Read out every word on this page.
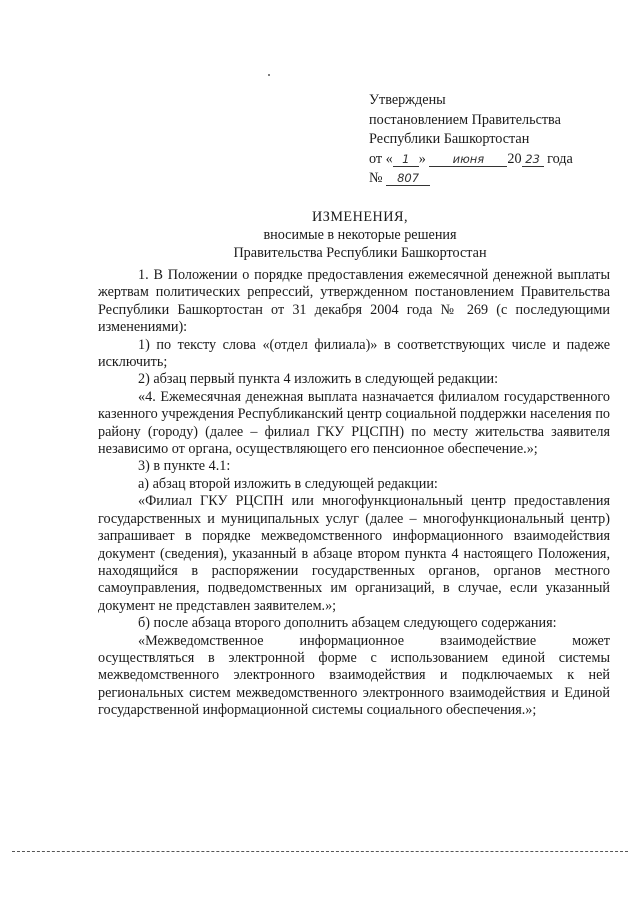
Утверждены
постановлением Правительства
Республики Башкортостан
от « 1 » июня 20 23 года
№ 807
ИЗМЕНЕНИЯ,
вносимые в некоторые решения
Правительства Республики Башкортостан

1. В Положении о порядке предоставления ежемесячной денежной выплаты жертвам политических репрессий, утвержденном постановлением Правительства Республики Башкортостан от 31 декабря 2004 года № 269 (с последующими изменениями):

1) по тексту слова «(отдел филиала)» в соответствующих числе и падеже исключить;

2) абзац первый пункта 4 изложить в следующей редакции:

«4. Ежемесячная денежная выплата назначается филиалом государственного казенного учреждения Республиканский центр социальной поддержки населения по району (городу) (далее – филиал ГКУ РЦСПН) по месту жительства заявителя независимо от органа, осуществляющего его пенсионное обеспечение.»;

3) в пункте 4.1:

а) абзац второй изложить в следующей редакции:

«Филиал ГКУ РЦСПН или многофункциональный центр предоставления государственных и муниципальных услуг (далее – многофункциональный центр) запрашивает в порядке межведомственного информационного взаимодействия документ (сведения), указанный в абзаце втором пункта 4 настоящего Положения, находящийся в распоряжении государственных органов, органов местного самоуправления, подведомственных им организаций, в случае, если указанный документ не представлен заявителем.»;

б) после абзаца второго дополнить абзацем следующего содержания:

«Межведомственное информационное взаимодействие может осуществляться в электронной форме с использованием единой системы межведомственного электронного взаимодействия и подключаемых к ней региональных систем межведомственного электронного взаимодействия и Единой государственной информационной системы социального обеспечения.»;
